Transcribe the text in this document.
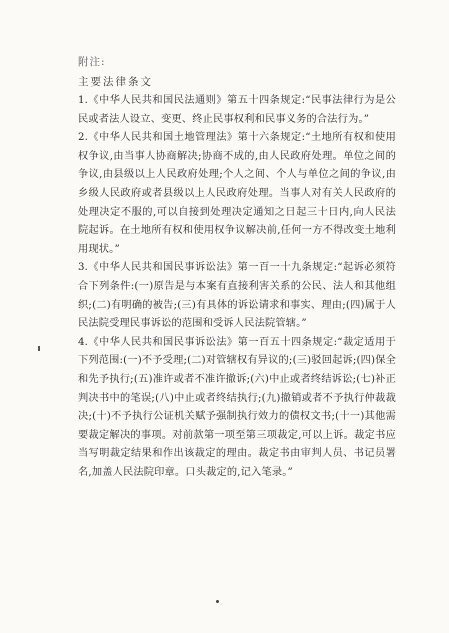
附注:
主要法律条文

1.《中华人民共和国民法通则》第五十四条规定:“民事法律行为是公民或者法人设立、变更、终止民事权利和民事义务的合法行为。”

2.《中华人民共和国土地管理法》第十六条规定:“土地所有权和使用权争议,由当事人协商解决;协商不成的,由人民政府处理。单位之间的争议,由县级以上人民政府处理;个人之间、个人与单位之间的争议,由乡级人民政府或者县级以上人民政府处理。当事人对有关人民政府的处理决定不服的,可以自接到处理决定通知之日起三十日内,向人民法院起诉。在土地所有权和使用权争议解决前,任何一方不得改变土地利用现状。”

3.《中华人民共和国民事诉讼法》第一百一十九条规定:“起诉必须符合下列条件:(一)原告是与本案有直接利害关系的公民、法人和其他组织;(二)有明确的被告;(三)有具体的诉讼请求和事实、理由;(四)属于人民法院受理民事诉讼的范围和受诉人民法院管辖。”

4.《中华人民共和国民事诉讼法》第一百五十四条规定:“裁定适用于下列范围:(一)不予受理;(二)对管辖权有异议的;(三)驳回起诉;(四)保全和先予执行;(五)准许或者不准许撤诉;(六)中止或者终结诉讼;(七)补正判决书中的笔误;(八)中止或者终结执行;(九)撤销或者不予执行仲裁裁决;(十)不予执行公证机关赋予强制执行效力的债权文书;(十一)其他需要裁定解决的事项。对前款第一项至第三项裁定,可以上诉。裁定书应当写明裁定结果和作出该裁定的理由。裁定书由审判人员、书记员署名,加盖人民法院印章。口头裁定的,记入笔录。”
